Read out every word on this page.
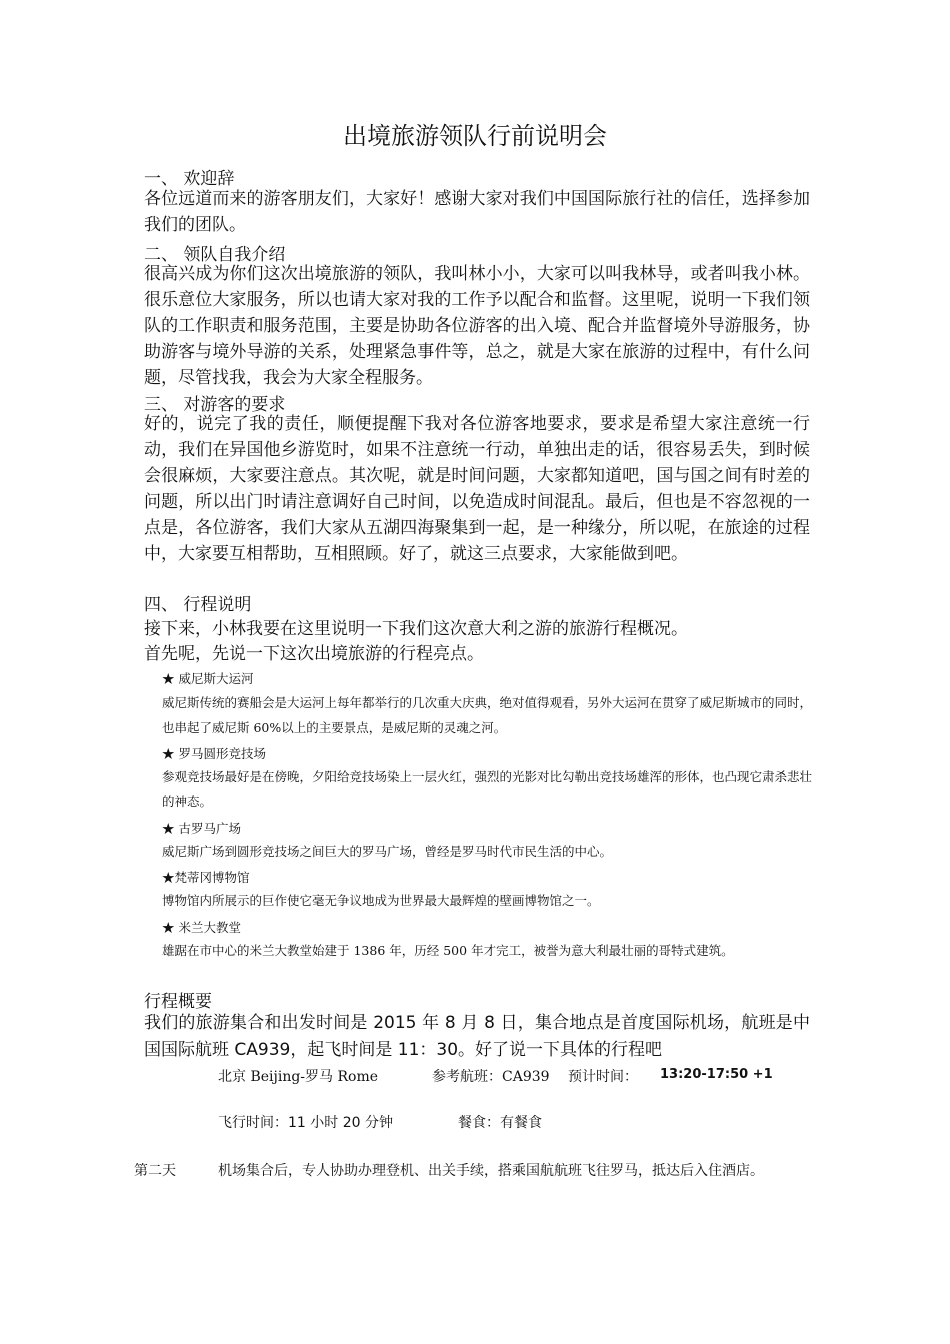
出境旅游领队行前说明会
一、 欢迎辞
各位远道而来的游客朋友们，大家好！感谢大家对我们中国国际旅行社的信任，选择参加我们的团队。
二、 领队自我介绍
很高兴成为你们这次出境旅游的领队，我叫林小小，大家可以叫我林导，或者叫我小林。很乐意位大家服务，所以也请大家对我的工作予以配合和监督。这里呢，说明一下我们领队的工作职责和服务范围，主要是协助各位游客的出入境、配合并监督境外导游服务，协助游客与境外导游的关系，处理紧急事件等，总之，就是大家在旅游的过程中，有什么问题，尽管找我，我会为大家全程服务。
三、 对游客的要求
好的，说完了我的责任，顺便提醒下我对各位游客地要求，要求是希望大家注意统一行动，我们在异国他乡游览时，如果不注意统一行动，单独出走的话，很容易丢失，到时候会很麻烦，大家要注意点。其次呢，就是时间问题，大家都知道吧，国与国之间有时差的问题，所以出门时请注意调好自己时间，以免造成时间混乱。最后，但也是不容忽视的一点是，各位游客，我们大家从五湖四海聚集到一起，是一种缘分，所以呢，在旅途的过程中，大家要互相帮助，互相照顾。好了，就这三点要求，大家能做到吧。
四、 行程说明
接下来，小林我要在这里说明一下我们这次意大利之游的旅游行程概况。
首先呢，先说一下这次出境旅游的行程亮点。
★ 威尼斯大运河
威尼斯传统的赛船会是大运河上每年都举行的几次重大庆典，绝对值得观看，另外大运河在贯穿了威尼斯城市的同时，也串起了威尼斯 60%以上的主要景点，是威尼斯的灵魂之河。
★ 罗马圆形竞技场
参观竞技场最好是在傍晚，夕阳给竞技场染上一层火红，强烈的光影对比勾勒出竞技场雄浑的形体，也凸现它肃杀悲壮的神态。
★ 古罗马广场
威尼斯广场到圆形竞技场之间巨大的罗马广场，曾经是罗马时代市民生活的中心。
★梵蒂冈博物馆
博物馆内所展示的巨作使它毫无争议地成为世界最大最辉煌的壁画博物馆之一。
★ 米兰大教堂
雄踞在市中心的米兰大教堂始建于 1386 年，历经 500 年才完工，被誉为意大利最壮丽的哥特式建筑。
行程概要
我们的旅游集合和出发时间是 2015 年 8 月 8 日，集合地点是首度国际机场，航班是中国国际航班 CA939，起飞时间是 11：30。好了说一下具体的行程吧
北京 Beijing-罗马 Rome	参考航班：CA939 预计时间： 13:20-17:50 +1
飞行时间：11 小时 20 分钟	餐食：有餐食
第二天	机场集合后，专人协助办理登机、出关手续，搭乘国航航班飞往罗马，抵达后入住酒店。
